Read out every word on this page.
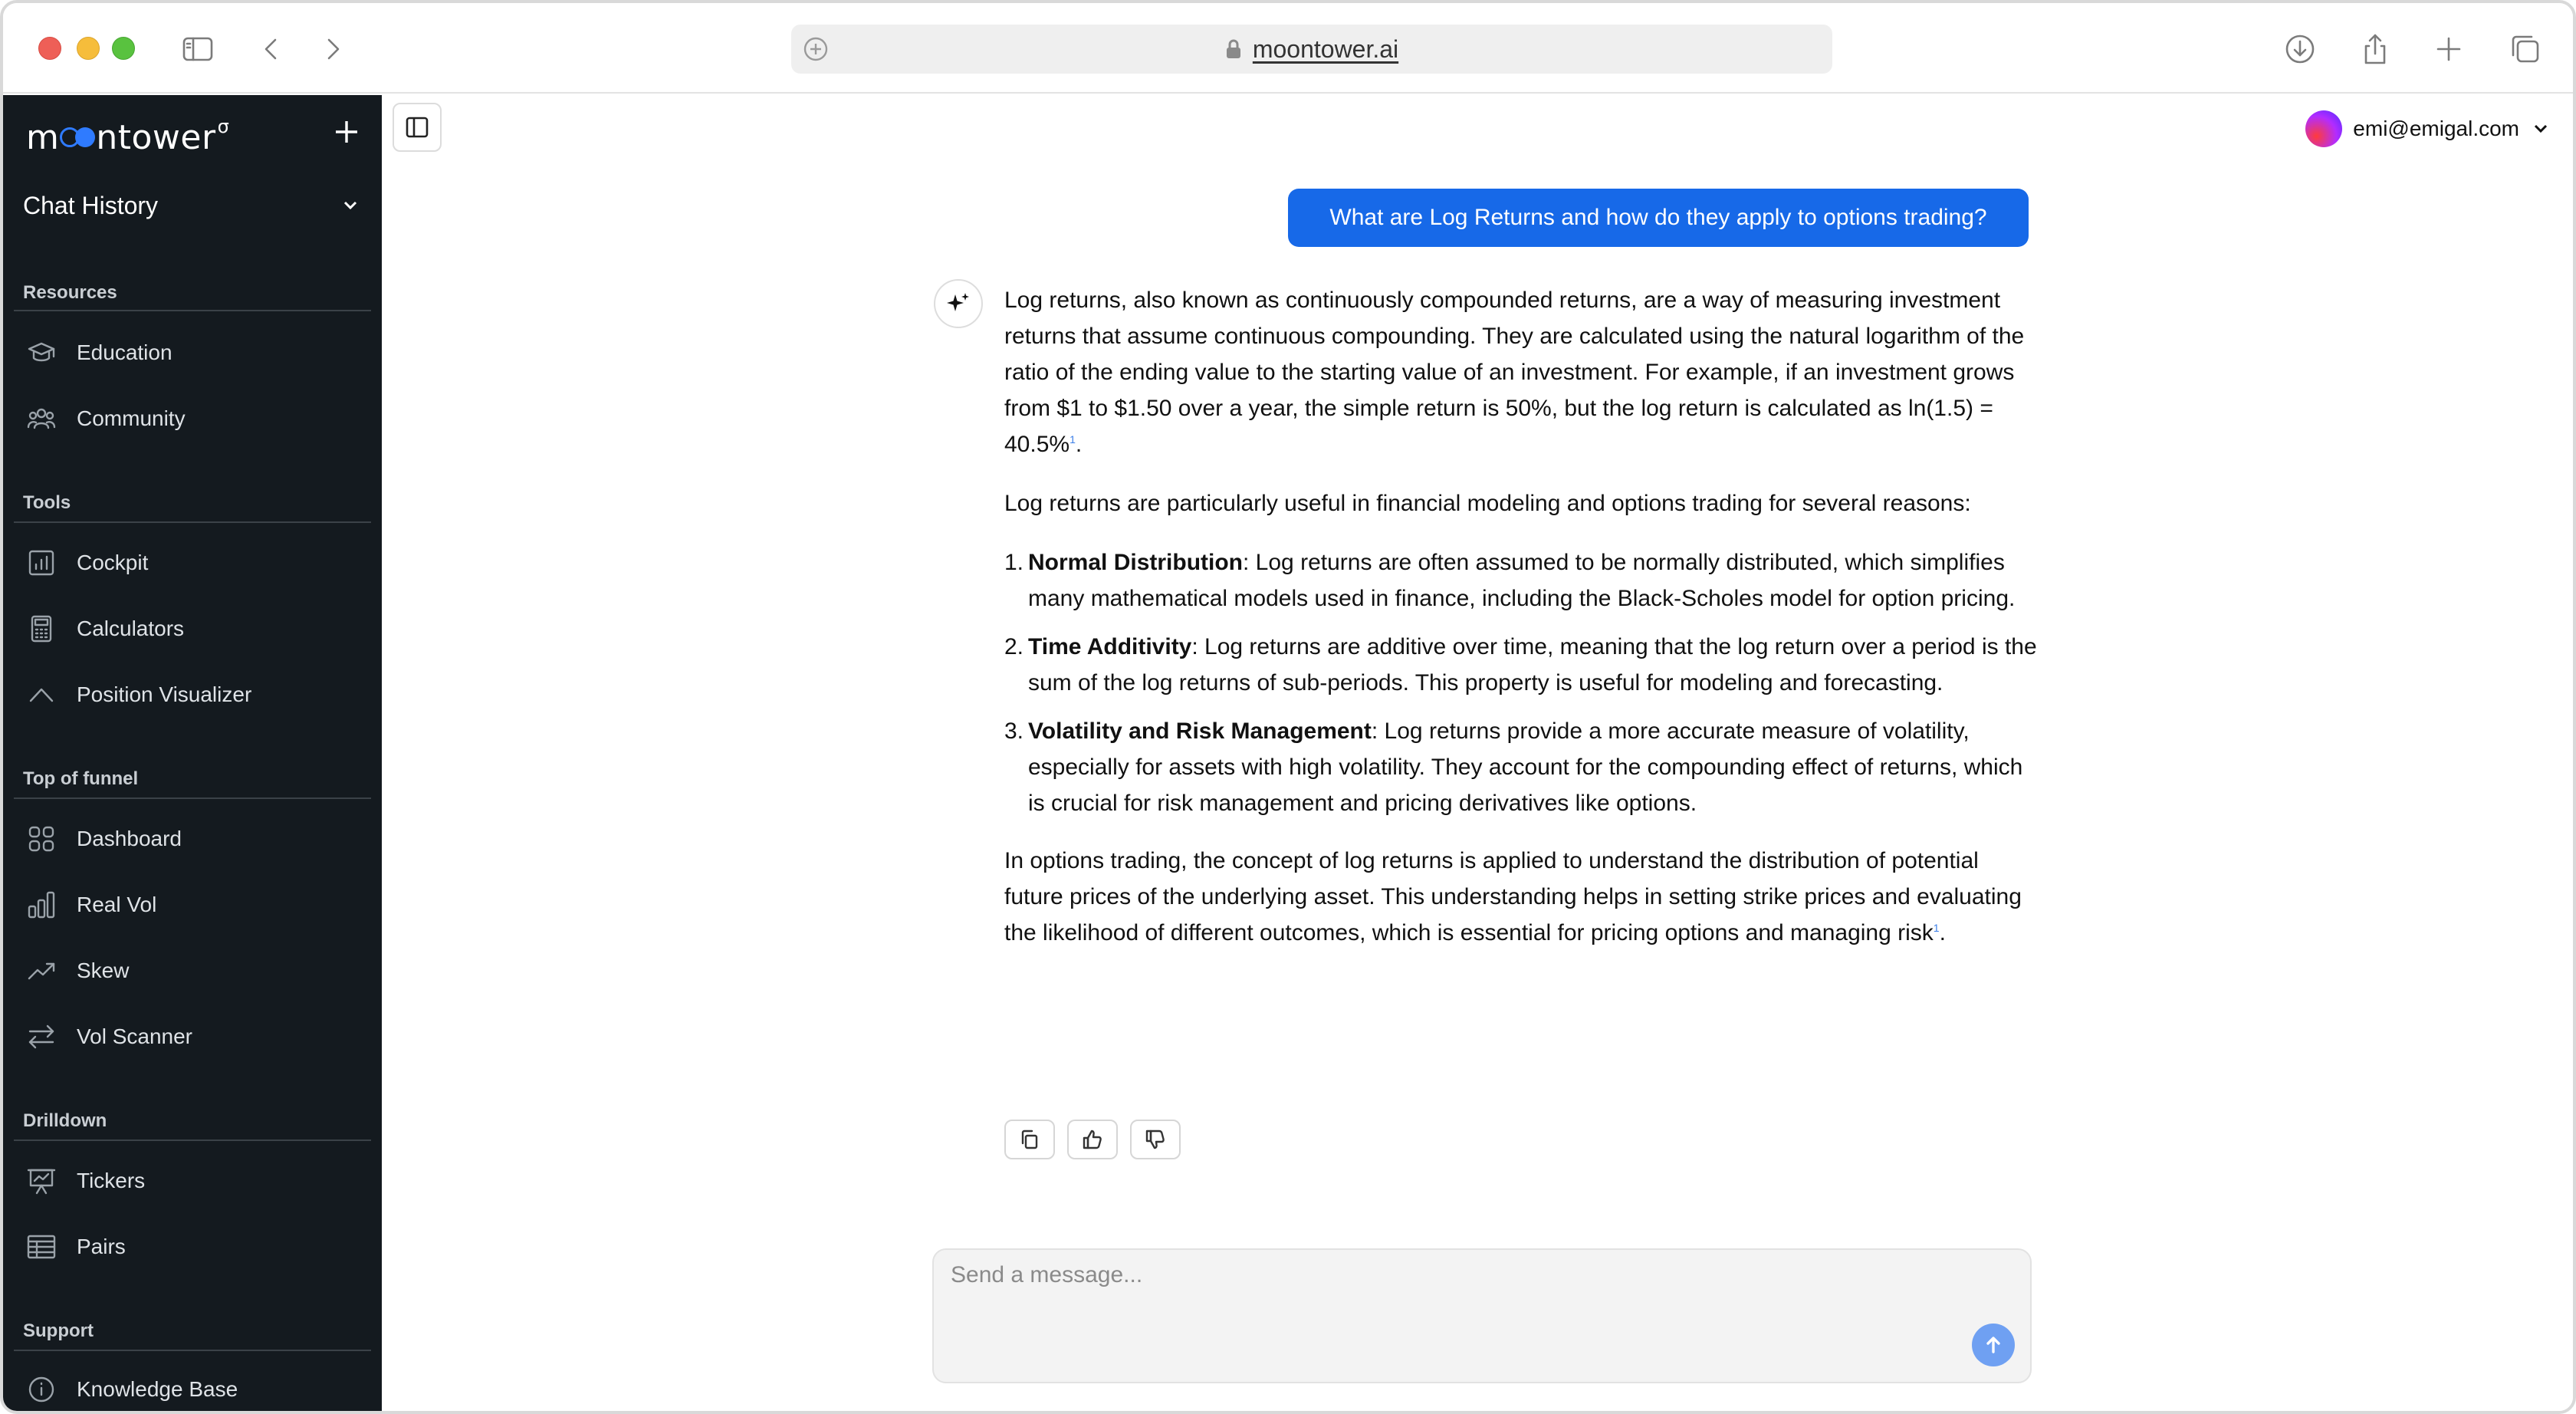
moontower.ai
m ntower$^\sigma$
Chat History
Resources
Education
Community
Tools
Cockpit
Calculators
Position Visualizer
Top of funnel
Dashboard
Real Vol
Skew
Vol Scanner
Drilldown
Tickers
Pairs
Support
Knowledge Base
emi@emigal.com
What are Log Returns and how do they apply to options trading?

Log returns, also known as continuously compounded returns, are a way of measuring investment returns that assume continuous compounding. They are calculated using the natural logarithm of the ratio of the ending value to the starting value of an investment. For example, if an investment grows from $1 to $1.50 over a year, the simple return is 50%, but the log return is calculated as ln(1.5) = 40.5%$^1$.

Log returns are particularly useful in financial modeling and options trading for several reasons:

1. Normal Distribution: Log returns are often assumed to be normally distributed, which simplifies many mathematical models used in finance, including the Black-Scholes model for option pricing.
2. Time Additivity: Log returns are additive over time, meaning that the log return over a period is the sum of the log returns of sub-periods. This property is useful for modeling and forecasting.
3. Volatility and Risk Management: Log returns provide a more accurate measure of volatility, especially for assets with high volatility. They account for the compounding effect of returns, which is crucial for risk management and pricing derivatives like options.

In options trading, the concept of log returns is applied to understand the distribution of potential future prices of the underlying asset. This understanding helps in setting strike prices and evaluating the likelihood of different outcomes, which is essential for pricing options and managing risk$^1$.

Send a message...
